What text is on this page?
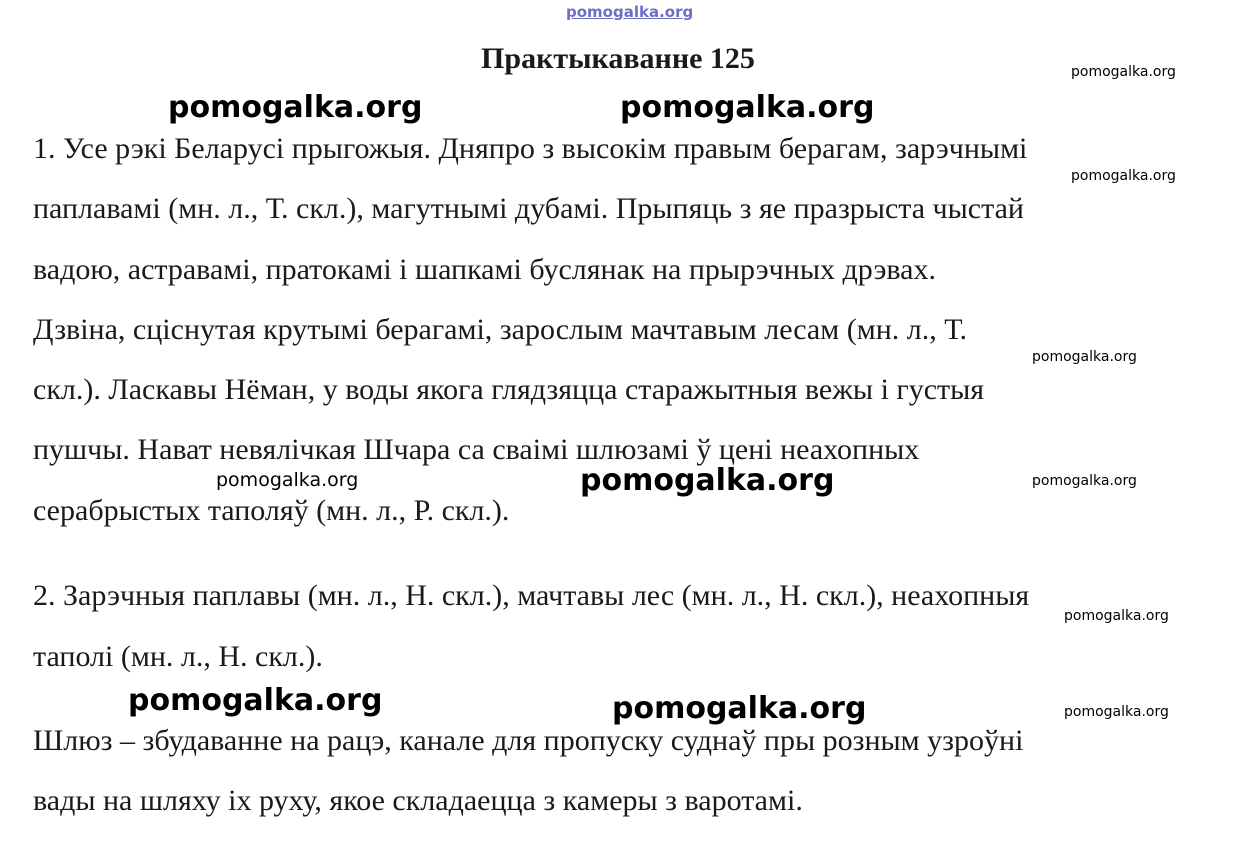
pomogalka.org
Практыкаванне 125

1. Усе рэкі Беларусі прыгожыя. Дняпро з высокім правым берагам, зарэчнымі

паплавамі (мн. л., Т. скл.), магутнымі дубамі. Прыпяць з яе празрыста чыстай

вадою, астравамі, пратокамі і шапкамі буслянак на прырэчных дрэвах.

Дзвіна, сціснутая крутымі берагамі, зарослым мачтавым лесам (мн. л., Т.

скл.). Ласкавы Нёман, у воды якога глядзяцца старажытныя вежы і густыя

пушчы. Нават невялічкая Шчара са сваімі шлюзамі ў цені неахопных

серабрыстых таполяў (мн. л., Р. скл.).

2. Зарэчныя паплавы (мн. л., Н. скл.), мачтавы лес (мн. л., Н. скл.), неахопныя

таполі (мн. л., Н. скл.).

Шлюз – збудаванне на рацэ, канале для пропуску суднаў пры розным узроўні

вады на шляху іх руху, якое складаецца з камеры з варотамі.

pomogalka.org	pomogalka.org
pomogalka.org
pomogalka.org	pomogalka.org
pomogalka.org
pomogalka.org
pomogalka.org
pomogalka.org	pomogalka.org
pomogalka.org
pomogalka.org
